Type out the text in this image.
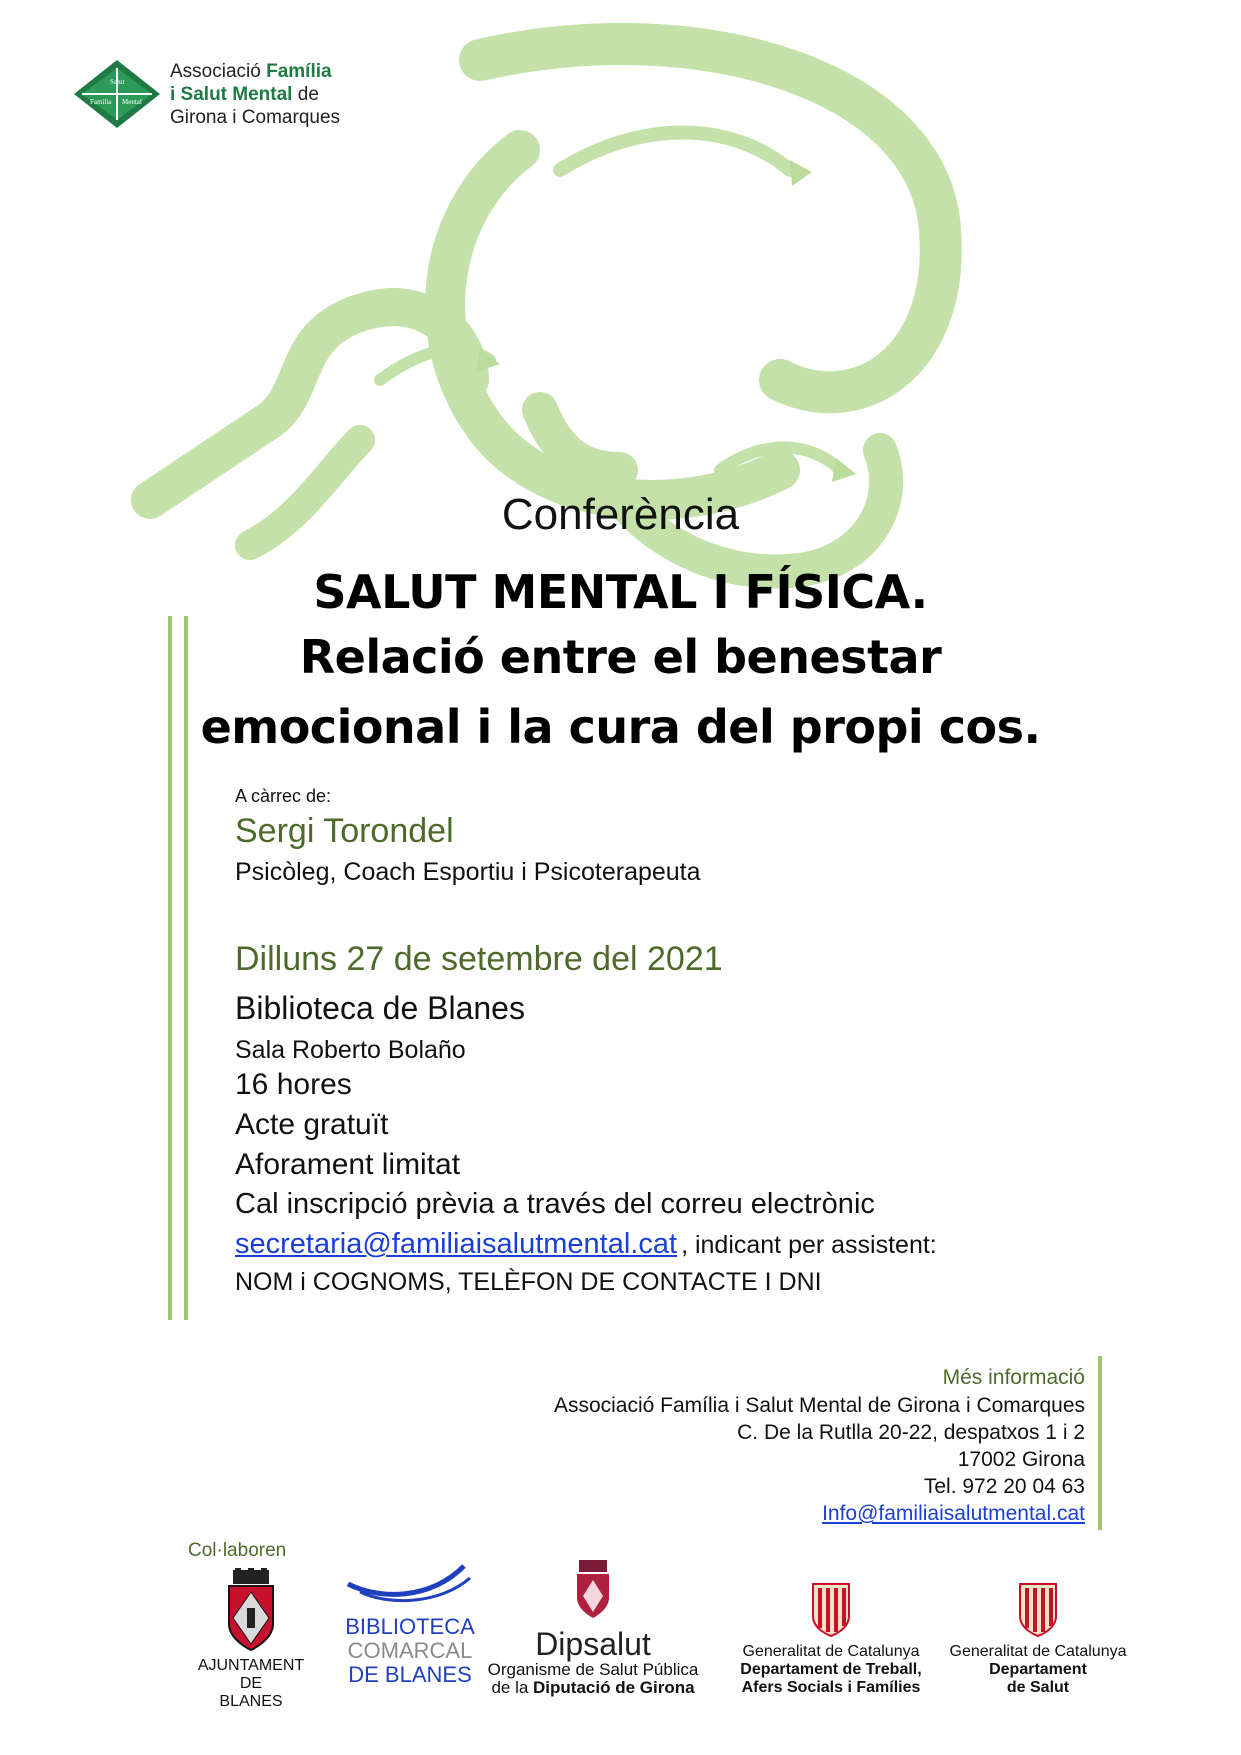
Salut
Família Mental
Associació Família
i Salut Mental de
Girona i Comarques
Conferència
SALUT MENTAL I FÍSICA.
Relació entre el benestar
emocional i la cura del propi cos.
A càrrec de:
Sergi Torondel
Psicòleg, Coach Esportiu i Psicoterapeuta
Dilluns 27 de setembre del 2021
Biblioteca de Blanes
Sala Roberto Bolaño
16 hores
Acte gratuït
Aforament limitat
Cal inscripció prèvia a través del correu electrònic
secretaria@familiaisalutmental.cat , indicant per assistent:
NOM i COGNOMS, TELÈFON DE CONTACTE I DNI
Més informació
Associació Família i Salut Mental de Girona i Comarques
C. De la Rutlla 20-22, despatxos 1 i 2
17002 Girona
Tel. 972 20 04 63
Info@familiaisalutmental.cat
Col·laboren
AJUNTAMENT DE
BLANES
BIBLIOTECA
COMARCAL
DE BLANES
Dipsalut
Organisme de Salut Pública
de la Diputació de Girona
Generalitat de Catalunya
Departament de Treball,
Afers Socials i Famílies
Generalitat de Catalunya
Departament
de Salut
